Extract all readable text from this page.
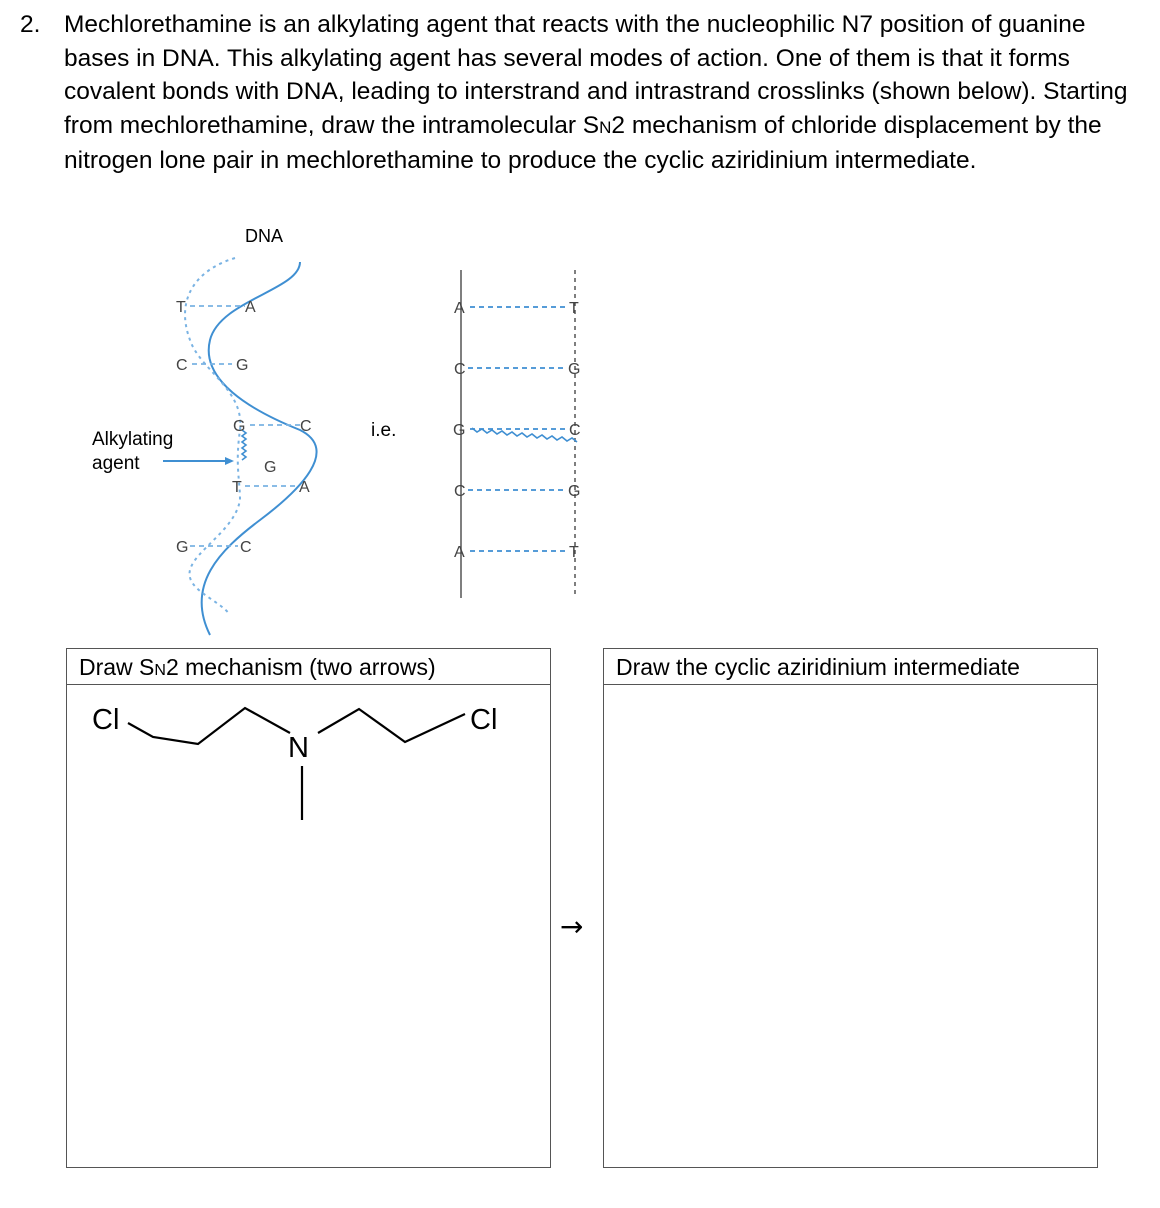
2. Mechlorethamine is an alkylating agent that reacts with the nucleophilic N7 position of guanine bases in DNA. This alkylating agent has several modes of action. One of them is that it forms covalent bonds with DNA, leading to interstrand and intrastrand crosslinks (shown below). Starting from mechlorethamine, draw the intramolecular SN2 mechanism of chloride displacement by the nitrogen lone pair in mechlorethamine to produce the cyclic aziridinium intermediate.

DNA
T
C
G
T
G
A
G
C
G
A
C
Alkylating
agent
i.e.
A
C
G
C
A
T
G
C
G
T
Draw SN2 mechanism (two arrows)
Cl	Cl
N
→
Draw the cyclic aziridinium intermediate
